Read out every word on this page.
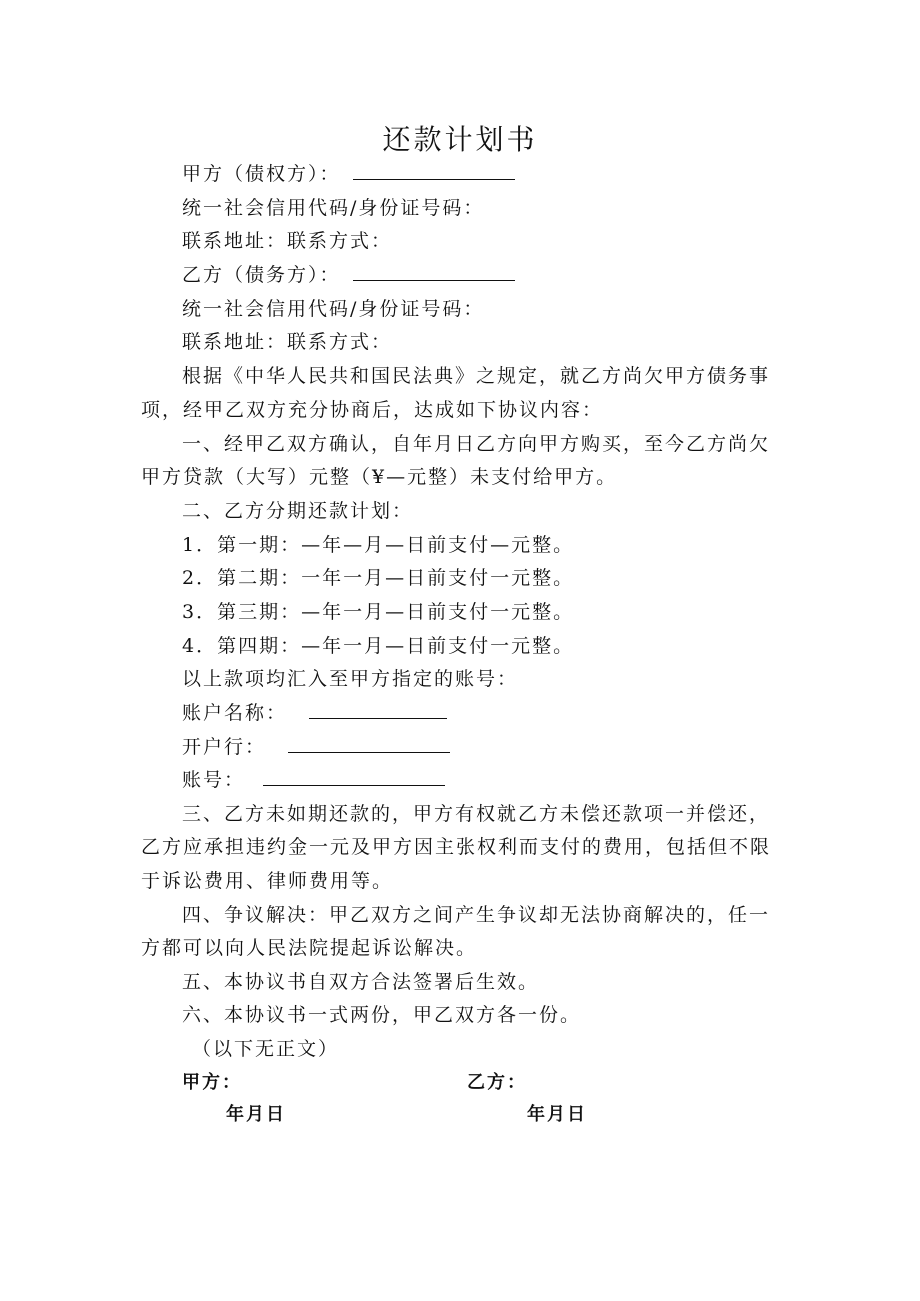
还款计划书
甲方（债权方）：
统一社会信用代码/身份证号码：
联系地址：联系方式：
乙方（债务方）：
统一社会信用代码/身份证号码：
联系地址：联系方式：
根据《中华人民共和国民法典》之规定，就乙方尚欠甲方债务事
项，经甲乙双方充分协商后，达成如下协议内容：
一、经甲乙双方确认，自年月日乙方向甲方购买，至今乙方尚欠
甲方贷款（大写）元整（¥—元整）未支付给甲方。
二、乙方分期还款计划：
1．第一期：—年—月—日前支付—元整。
2．第二期：一年一月—日前支付一元整。
3．第三期：—年一月—日前支付一元整。
4．第四期：—年一月—日前支付一元整。
以上款项均汇入至甲方指定的账号：
账户名称：
开户行：
账号：
三、乙方未如期还款的，甲方有权就乙方未偿还款项一并偿还，
乙方应承担违约金一元及甲方因主张权利而支付的费用，包括但不限
于诉讼费用、律师费用等。
四、争议解决：甲乙双方之间产生争议却无法协商解决的，任一
方都可以向人民法院提起诉讼解决。
五、本协议书自双方合法签署后生效。
六、本协议书一式两份，甲乙双方各一份。
（以下无正文）
甲方：	乙方：
年月日	年月日
